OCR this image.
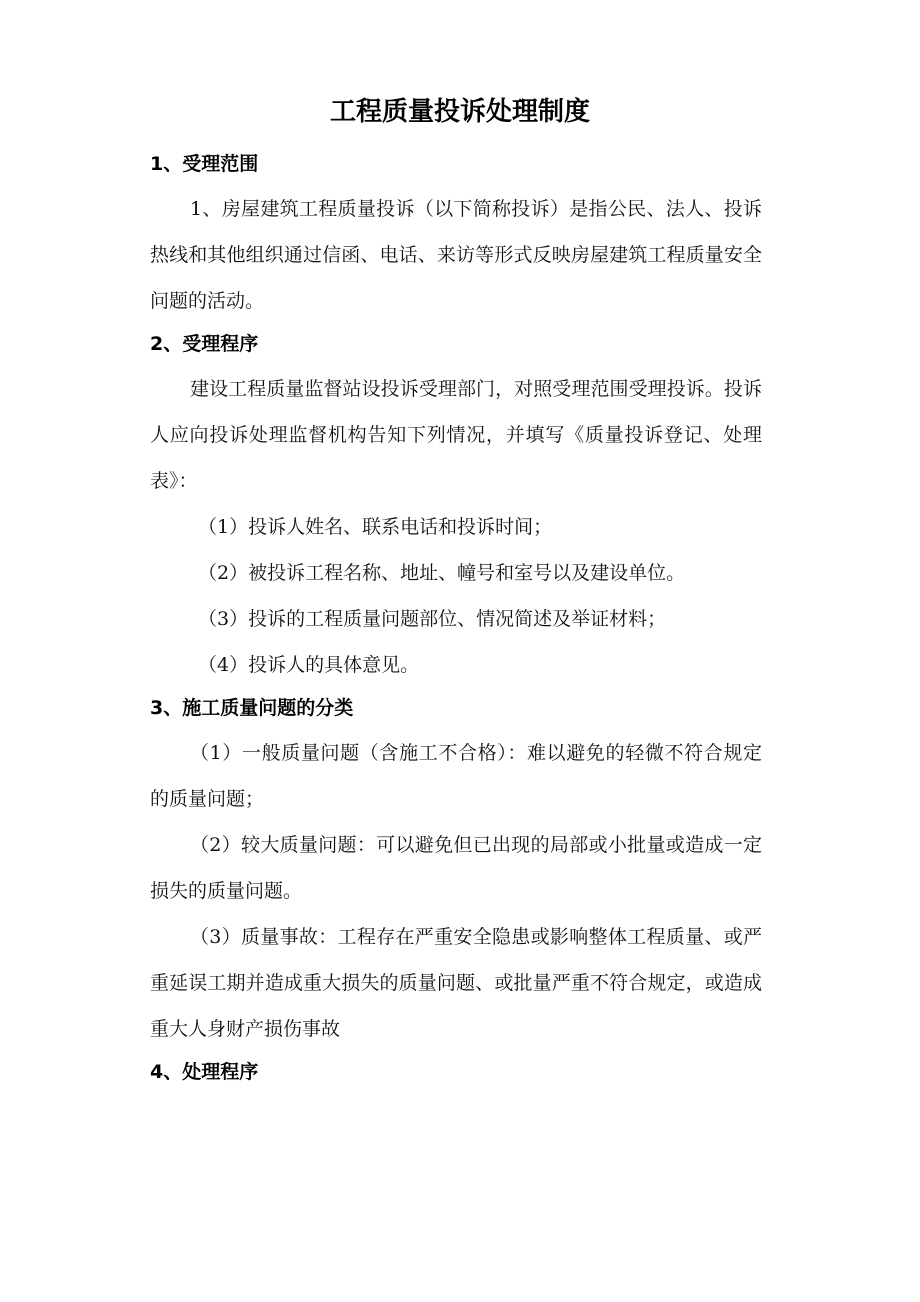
工程质量投诉处理制度
1、受理范围

1、房屋建筑工程质量投诉（以下简称投诉）是指公民、法人、投诉热线和其他组织通过信函、电话、来访等形式反映房屋建筑工程质量安全问题的活动。

2、受理程序

建设工程质量监督站设投诉受理部门，对照受理范围受理投诉。投诉人应向投诉处理监督机构告知下列情况，并填写《质量投诉登记、处理表》：

（1）投诉人姓名、联系电话和投诉时间；

（2）被投诉工程名称、地址、幢号和室号以及建设单位。

（3）投诉的工程质量问题部位、情况简述及举证材料；

（4）投诉人的具体意见。

3、施工质量问题的分类

（1）一般质量问题（含施工不合格）：难以避免的轻微不符合规定的质量问题；

（2）较大质量问题：可以避免但已出现的局部或小批量或造成一定损失的质量问题。

（3）质量事故：工程存在严重安全隐患或影响整体工程质量、或严重延误工期并造成重大损失的质量问题、或批量严重不符合规定，或造成重大人身财产损伤事故

4、处理程序
